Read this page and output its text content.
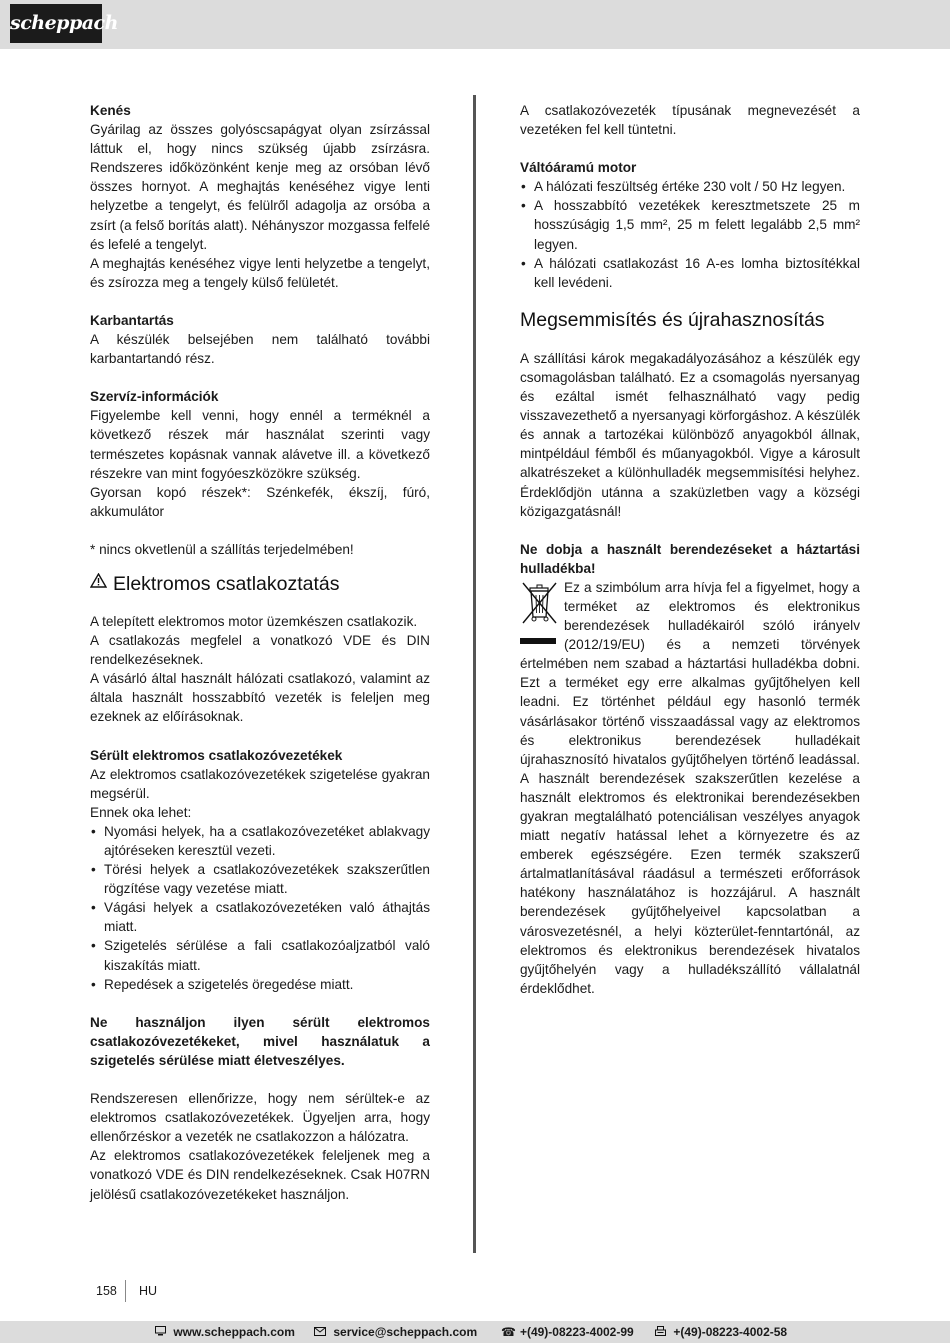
scheppach

Kenés

Gyárilag az összes golyóscsapágyat olyan zsírzással láttuk el, hogy nincs szükség újabb zsírzásra. Rendszeres időközönként kenje meg az orsóban lévő összes hornyot. A meghajtás kenéséhez vigye lenti helyzetbe a tengelyt, és felülről adagolja az orsóba a zsírt (a felső borítás alatt). Néhányszor mozgassa felfelé és lefelé a tengelyt.

A meghajtás kenéséhez vigye lenti helyzetbe a tengelyt, és zsírozza meg a tengely külső felületét.

Karbantartás

A készülék belsejében nem található további karbantartandó rész.

Szervíz-információk

Figyelembe kell venni, hogy ennél a terméknél a következő részek már használat szerinti vagy természetes kopásnak vannak alávetve ill. a következő részekre van mint fogyóeszközökre szükség.

Gyorsan kopó részek*: Szénkefék, ékszíj, fúró, akkumulátor

* nincs okvetlenül a szállítás terjedelmében!

Elektromos csatlakoztatás

A telepített elektromos motor üzemkészen csatlakozik.

A csatlakozás megfelel a vonatkozó VDE és DIN rendelkezéseknek.

A vásárló által használt hálózati csatlakozó, valamint az általa használt hosszabbító vezeték is feleljen meg ezeknek az előírásoknak.

Sérült elektromos csatlakozóvezetékek

Az elektromos csatlakozóvezetékek szigetelése gyakran megsérül.

Ennek oka lehet:

• Nyomási helyek, ha a csatlakozóvezetéket ablakvagy ajtóréseken keresztül vezeti.
• Törési helyek a csatlakozóvezetékek szakszerűtlen rögzítése vagy vezetése miatt.
• Vágási helyek a csatlakozóvezetéken való áthajtás miatt.
• Szigetelés sérülése a fali csatlakozóaljzatból való kiszakítás miatt.
• Repedések a szigetelés öregedése miatt.

Ne használjon ilyen sérült elektromos csatlakozóvezetékeket, mivel használatuk a szigetelés sérülése miatt életveszélyes.

Rendszeresen ellenőrizze, hogy nem sérültek-e az elektromos csatlakozóvezetékek. Ügyeljen arra, hogy ellenőrzéskor a vezeték ne csatlakozzon a hálózatra.

Az elektromos csatlakozóvezetékek feleljenek meg a vonatkozó VDE és DIN rendelkezéseknek. Csak H07RN jelölésű csatlakozóvezetékeket használjon.

A csatlakozóvezeték típusának megnevezését a vezetéken fel kell tüntetni.

Váltóáramú motor

• A hálózati feszültség értéke 230 volt / 50 Hz legyen.
• A hosszabbító vezetékek keresztmetszete 25 m hosszúságig 1,5 mm², 25 m felett legalább 2,5 mm² legyen.
• A hálózati csatlakozást 16 A-es lomha biztosítékkal kell levédeni.
Megsemmisítés és újrahasznosítás

A szállítási károk megakadályozásához a készülék egy csomagolásban található. Ez a csomagolás nyersanyag és ezáltal ismét felhasználható vagy pedig visszavezethető a nyersanyagi körforgáshoz. A készülék és annak a tartozékai különböző anyagokból állnak, mintpéldául fémből és műanyagokból. Vigye a károsult alkatrészeket a különhulladék megsemmisítési helyhez. Érdeklődjön utánna a szaküzletben vagy a községi közigazgatásnál!

Ne dobja a használt berendezéseket a háztartási hulladékba!

Ez a szimbólum arra hívja fel a figyelmet, hogy a terméket az elektromos és elektronikus berendezések hulladékairól szóló irányelv (2012/19/EU) és a nemzeti törvények értelmében nem szabad a háztartási hulladékba dobni. Ezt a terméket egy erre alkalmas gyűjtőhelyen kell leadni. Ez történhet például egy hasonló termék vásárlásakor történő visszaadással vagy az elektromos és elektronikus berendezések hulladékait újrahasznosító hivatalos gyűjtőhelyen történő leadással. A használt berendezések szakszerűtlen kezelése a használt elektromos és elektronikai berendezésekben gyakran megtalálható potenciálisan veszélyes anyagok miatt negatív hatással lehet a környezetre és az emberek egészségére. Ezen termék szakszerű ártalmatlanításával ráadásul a természeti erőforrások hatékony használatához is hozzájárul. A használt berendezések gyűjtőhelyeivel kapcsolatban a városvezetésnél, a helyi közterület-fenntartónál, az elektromos és elektronikus berendezések hivatalos gyűjtőhelyén vagy a hulladékszállító vállalatnál érdeklődhet.

158 HU
www.scheppach.com	service@scheppach.com ☎ +(49)-08223-4002-99	+(49)-08223-4002-58
